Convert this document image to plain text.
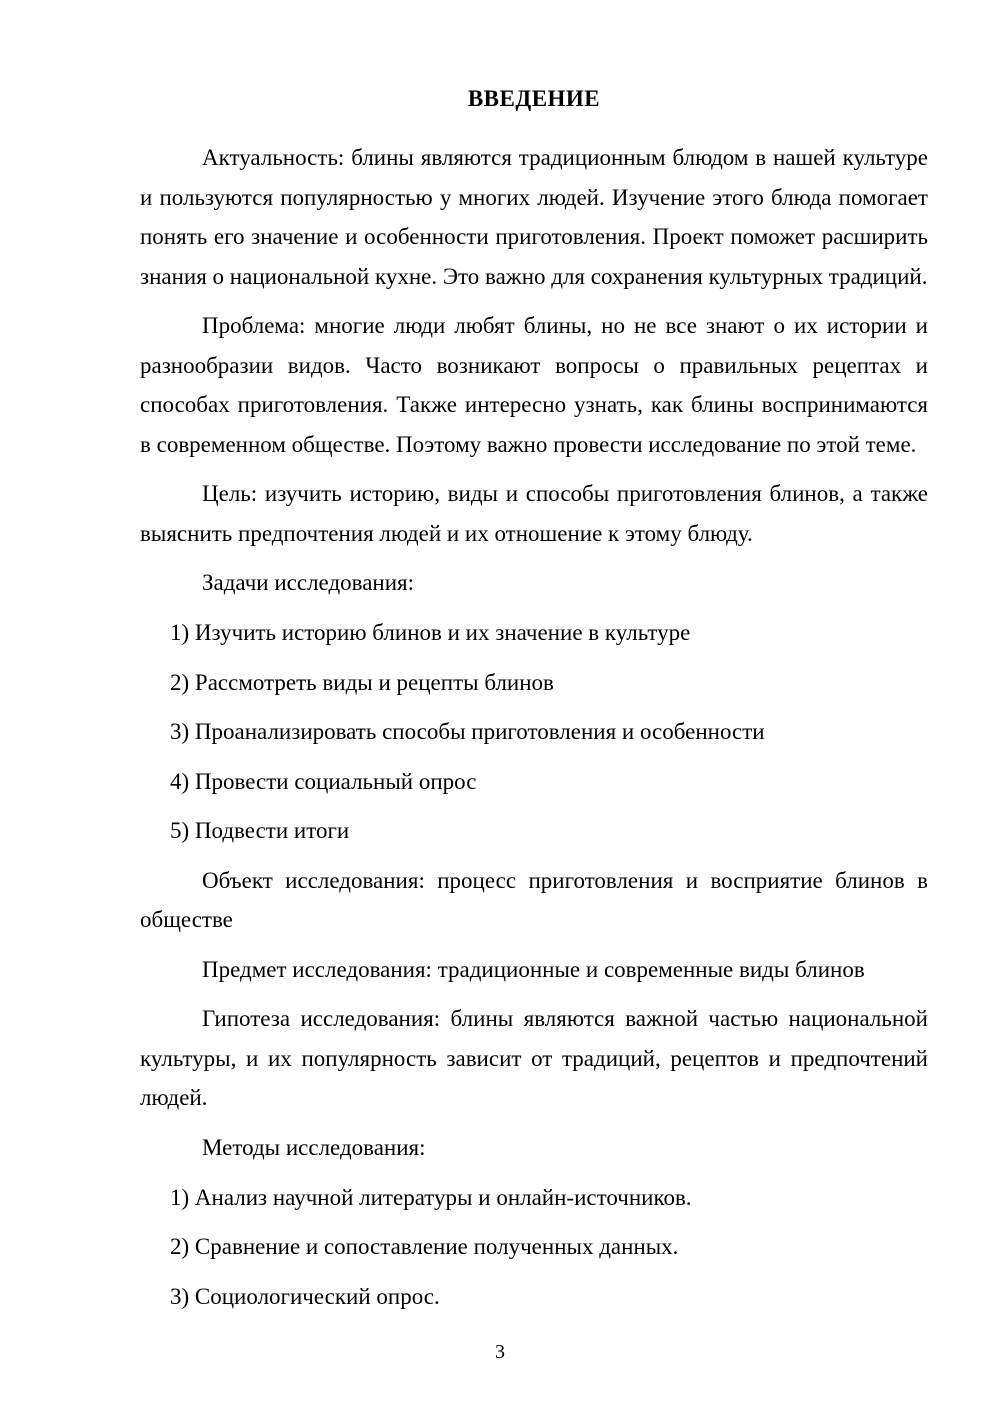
ВВЕДЕНИЕ

Актуальность: блины являются традиционным блюдом в нашей культуре и пользуются популярностью у многих людей. Изучение этого блюда помогает понять его значение и особенности приготовления. Проект поможет расширить знания о национальной кухне. Это важно для сохранения культурных традиций.

Проблема: многие люди любят блины, но не все знают о их истории и разнообразии видов. Часто возникают вопросы о правильных рецептах и способах приготовления. Также интересно узнать, как блины воспринимаются в современном обществе. Поэтому важно провести исследование по этой теме.

Цель: изучить историю, виды и способы приготовления блинов, а также выяснить предпочтения людей и их отношение к этому блюду.

Задачи исследования:

1) Изучить историю блинов и их значение в культуре

2) Рассмотреть виды и рецепты блинов

3) Проанализировать способы приготовления и особенности

4) Провести социальный опрос

5) Подвести итоги

Объект исследования: процесс приготовления и восприятие блинов в обществе

Предмет исследования: традиционные и современные виды блинов

Гипотеза исследования: блины являются важной частью национальной культуры, и их популярность зависит от традиций, рецептов и предпочтений людей.

Методы исследования:

1) Анализ научной литературы и онлайн-источников.

2) Сравнение и сопоставление полученных данных.

3) Социологический опрос.

3
